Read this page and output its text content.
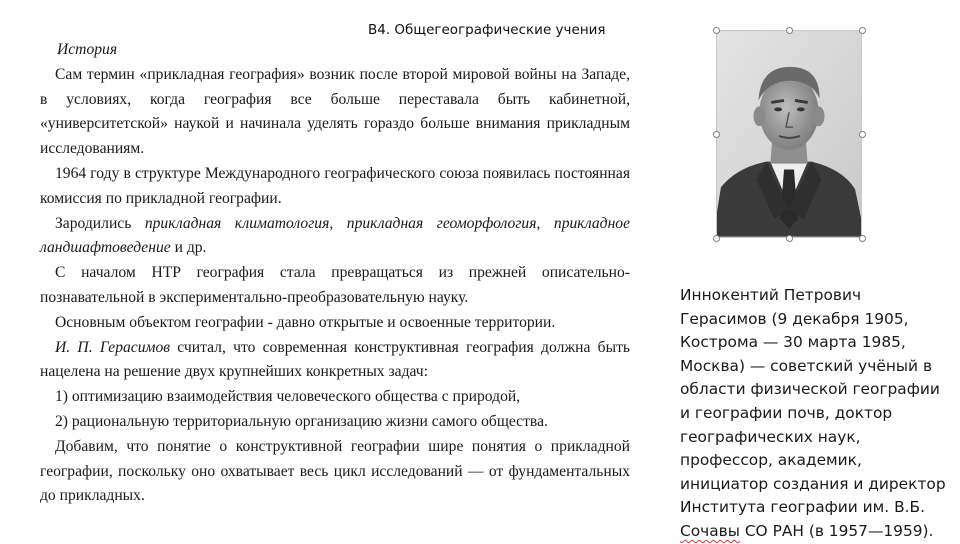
В4. Общегеографические учения

История

Сам термин «прикладная география» возник после второй мировой войны на Западе, в условиях, когда география все больше переставала быть кабинетной, «университетской» наукой и начинала уделять гораздо больше внимания прикладным исследованиям.

1964 году в структуре Международного географического союза появилась постоянная комиссия по прикладной географии.

Зародились прикладная климатология, прикладная геоморфология, прикладное ландшафтоведение и др.

С началом НТР география стала превращаться из прежней описательно-познавательной в экспериментально-преобразовательную науку.

Основным объектом географии - давно открытые и освоенные территории.

И. П. Герасимов считал, что современная конструктивная география должна быть нацелена на решение двух крупнейших конкретных задач:

1) оптимизацию взаимодействия человеческого общества с природой,

2) рациональную территориальную организацию жизни самого общества.

Добавим, что понятие о конструктивной географии шире понятия о прикладной географии, поскольку оно охватывает весь цикл исследований — от фундаментальных до прикладных.

Иннокентий Петрович Герасимов (9 декабря 1905, Кострома — 30 марта 1985, Москва) — советский учёный в области физической географии и географии почв, доктор географических наук, профессор, академик, инициатор создания и директор Института географии им. В.Б. Сочавы СО РАН (в 1957—1959).
